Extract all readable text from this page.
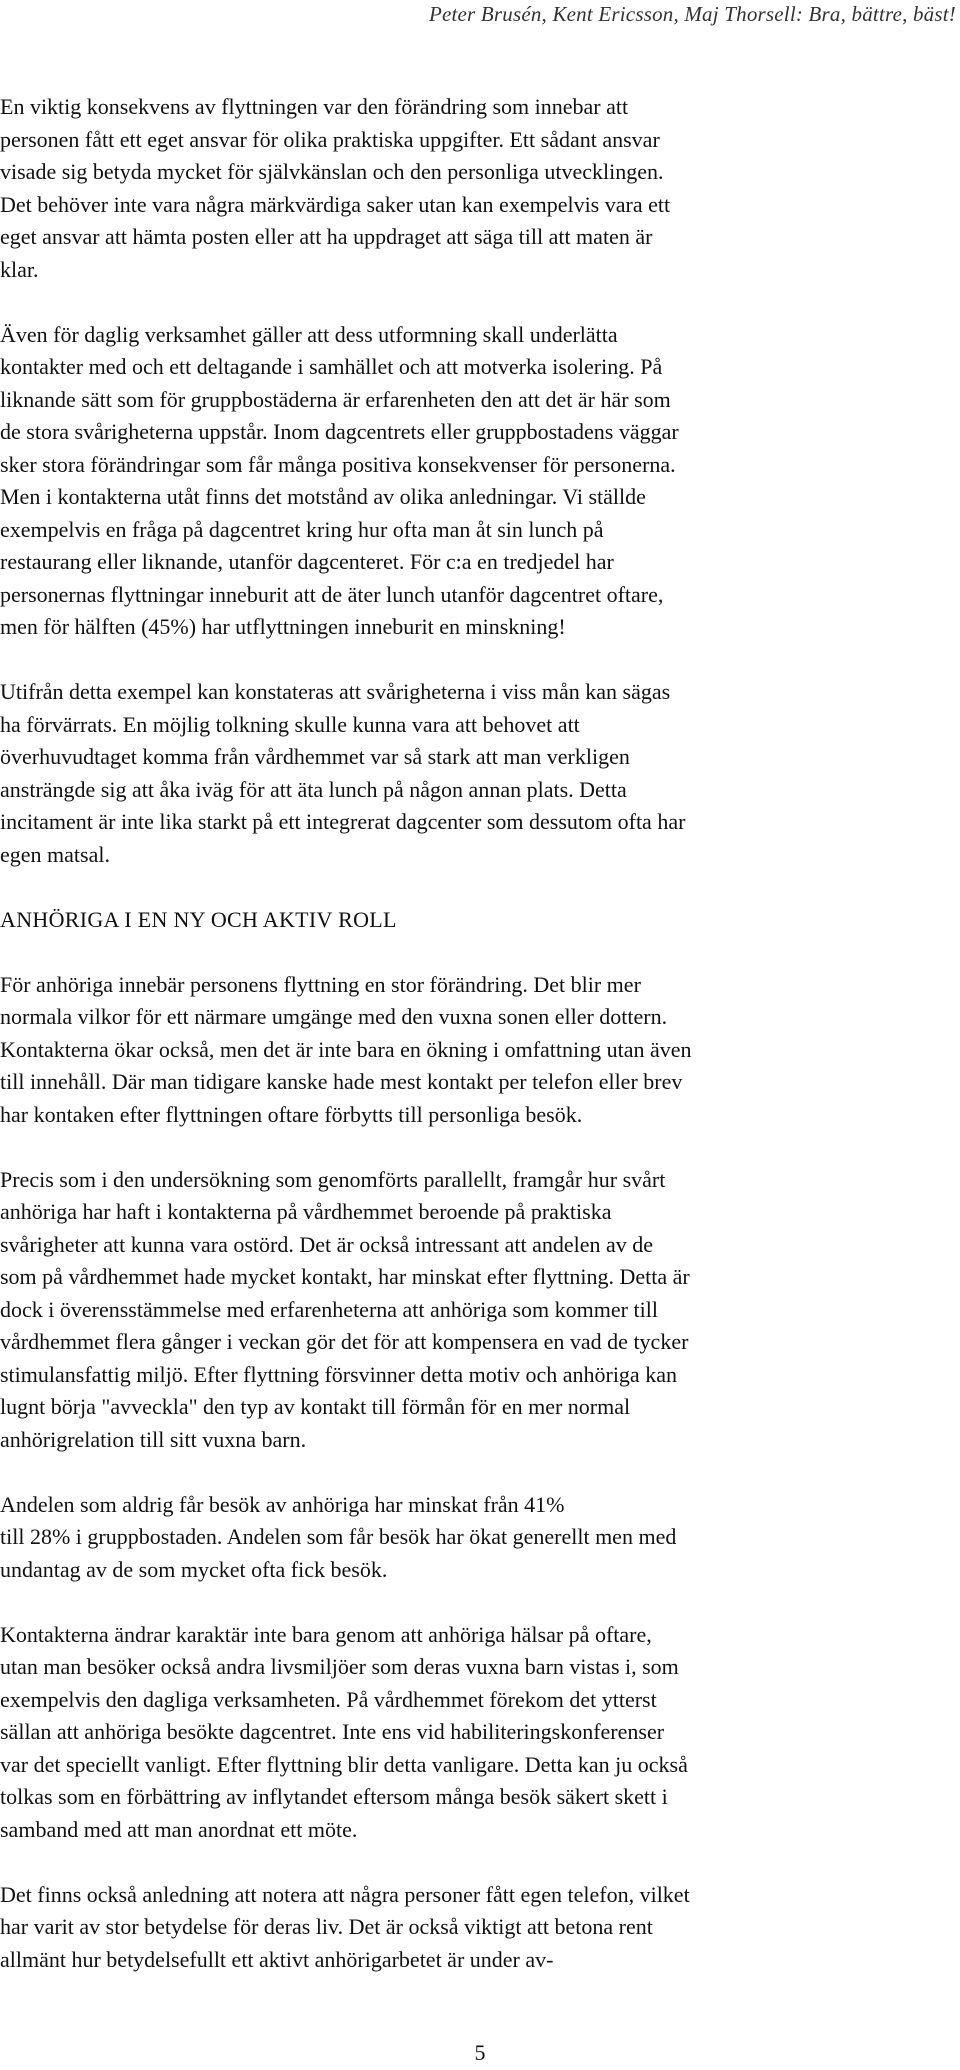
Peter Brusén, Kent Ericsson, Maj Thorsell: Bra, bättre, bäst!

En viktig konsekvens av flyttningen var den förändring som innebar att
personen fått ett eget ansvar för olika praktiska uppgifter. Ett sådant ansvar
visade sig betyda mycket för självkänslan och den personliga utvecklingen.
Det behöver inte vara några märkvärdiga saker utan kan exempelvis vara ett
eget ansvar att hämta posten eller att ha uppdraget att säga till att maten är
klar.

Även för daglig verksamhet gäller att dess utformning skall underlätta
kontakter med och ett deltagande i samhället och att motverka isolering. På
liknande sätt som för gruppbostäderna är erfarenheten den att det är här som
de stora svårigheterna uppstår. Inom dagcentrets eller gruppbostadens väggar
sker stora förändringar som får många positiva konsekvenser för personerna.
Men i kontakterna utåt finns det motstånd av olika anledningar. Vi ställde
exempelvis en fråga på dagcentret kring hur ofta man åt sin lunch på
restaurang eller liknande, utanför dagcenteret. För c:a en tredjedel har
personernas flyttningar inneburit att de äter lunch utanför dagcentret oftare,
men för hälften (45%) har utflyttningen inneburit en minskning!

Utifrån detta exempel kan konstateras att svårigheterna i viss mån kan sägas
ha förvärrats. En möjlig tolkning skulle kunna vara att behovet att
överhuvudtaget komma från vårdhemmet var så stark att man verkligen
ansträngde sig att åka iväg för att äta lunch på någon annan plats. Detta
incitament är inte lika starkt på ett integrerat dagcenter som dessutom ofta har
egen matsal.

ANHÖRIGA I EN NY OCH AKTIV ROLL

För anhöriga innebär personens flyttning en stor förändring. Det blir mer
normala vilkor för ett närmare umgänge med den vuxna sonen eller dottern.
Kontakterna ökar också, men det är inte bara en ökning i omfattning utan även
till innehåll. Där man tidigare kanske hade mest kontakt per telefon eller brev
har kontaken efter flyttningen oftare förbytts till personliga besök.

Precis som i den undersökning som genomförts parallellt, framgår hur svårt
anhöriga har haft i kontakterna på vårdhemmet beroende på praktiska
svårigheter att kunna vara ostörd. Det är också intressant att andelen av de
som på vårdhemmet hade mycket kontakt, har minskat efter flyttning. Detta är
dock i överensstämmelse med erfarenheterna att anhöriga som kommer till
vårdhemmet flera gånger i veckan gör det för att kompensera en vad de tycker
stimulansfattig miljö. Efter flyttning försvinner detta motiv och anhöriga kan
lugnt börja "avveckla" den typ av kontakt till förmån för en mer normal
anhörigrelation till sitt vuxna barn.

Andelen som aldrig får besök av anhöriga har minskat från 41%
till 28% i gruppbostaden. Andelen som får besök har ökat generellt men med
undantag av de som mycket ofta fick besök.

Kontakterna ändrar karaktär inte bara genom att anhöriga hälsar på oftare,
utan man besöker också andra livsmiljöer som deras vuxna barn vistas i, som
exempelvis den dagliga verksamheten. På vårdhemmet förekom det ytterst
sällan att anhöriga besökte dagcentret. Inte ens vid habiliteringskonferenser
var det speciellt vanligt. Efter flyttning blir detta vanligare. Detta kan ju också
tolkas som en förbättring av inflytandet eftersom många besök säkert skett i
samband med att man anordnat ett möte.

Det finns också anledning att notera att några personer fått egen telefon, vilket
har varit av stor betydelse för deras liv. Det är också viktigt att betona rent
allmänt hur betydelsefullt ett aktivt anhörigarbetet är under av-

5
